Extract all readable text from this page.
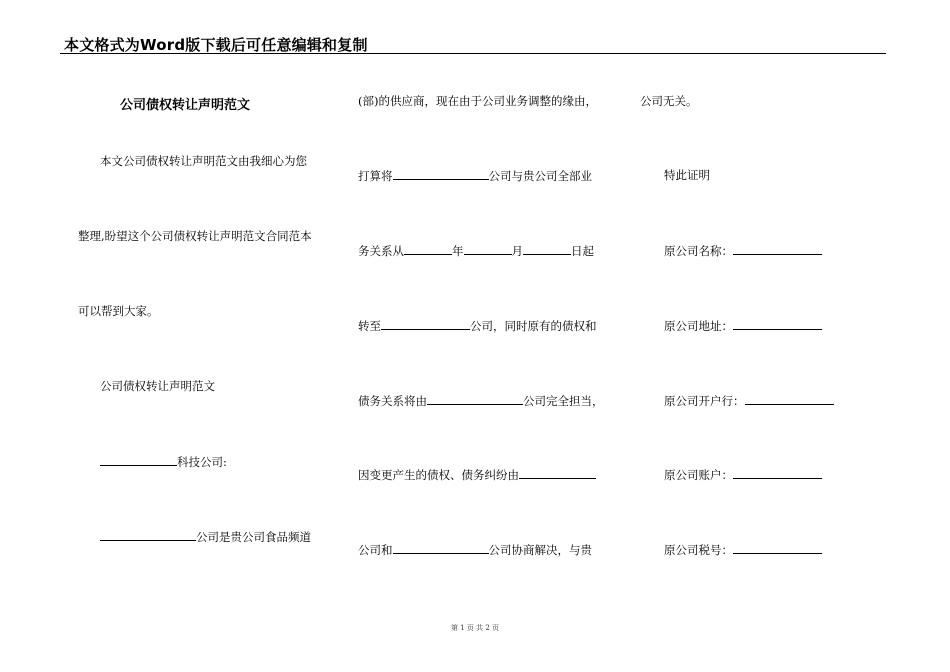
本文格式为Word版下载后可任意编辑和复制
公司债权转让声明范文
本文公司债权转让声明范文由我细心为您
整理,盼望这个公司债权转让声明范文合同范本
可以帮到大家。
公司债权转让声明范文
科技公司:
公司是贵公司食品频道
(部)的供应商，现在由于公司业务调整的缘由，
打算将	公司与贵公司全部业
务关系从	年	月	日起
转至	公司，同时原有的债权和
债务关系将由	公司完全担当，
因变更产生的债权、债务纠纷由
公司和	公司协商解决，与贵
公司无关。
特此证明
原公司名称：
原公司地址：
原公司开户行：
原公司账户：
原公司税号：
第 1 页 共 2 页
